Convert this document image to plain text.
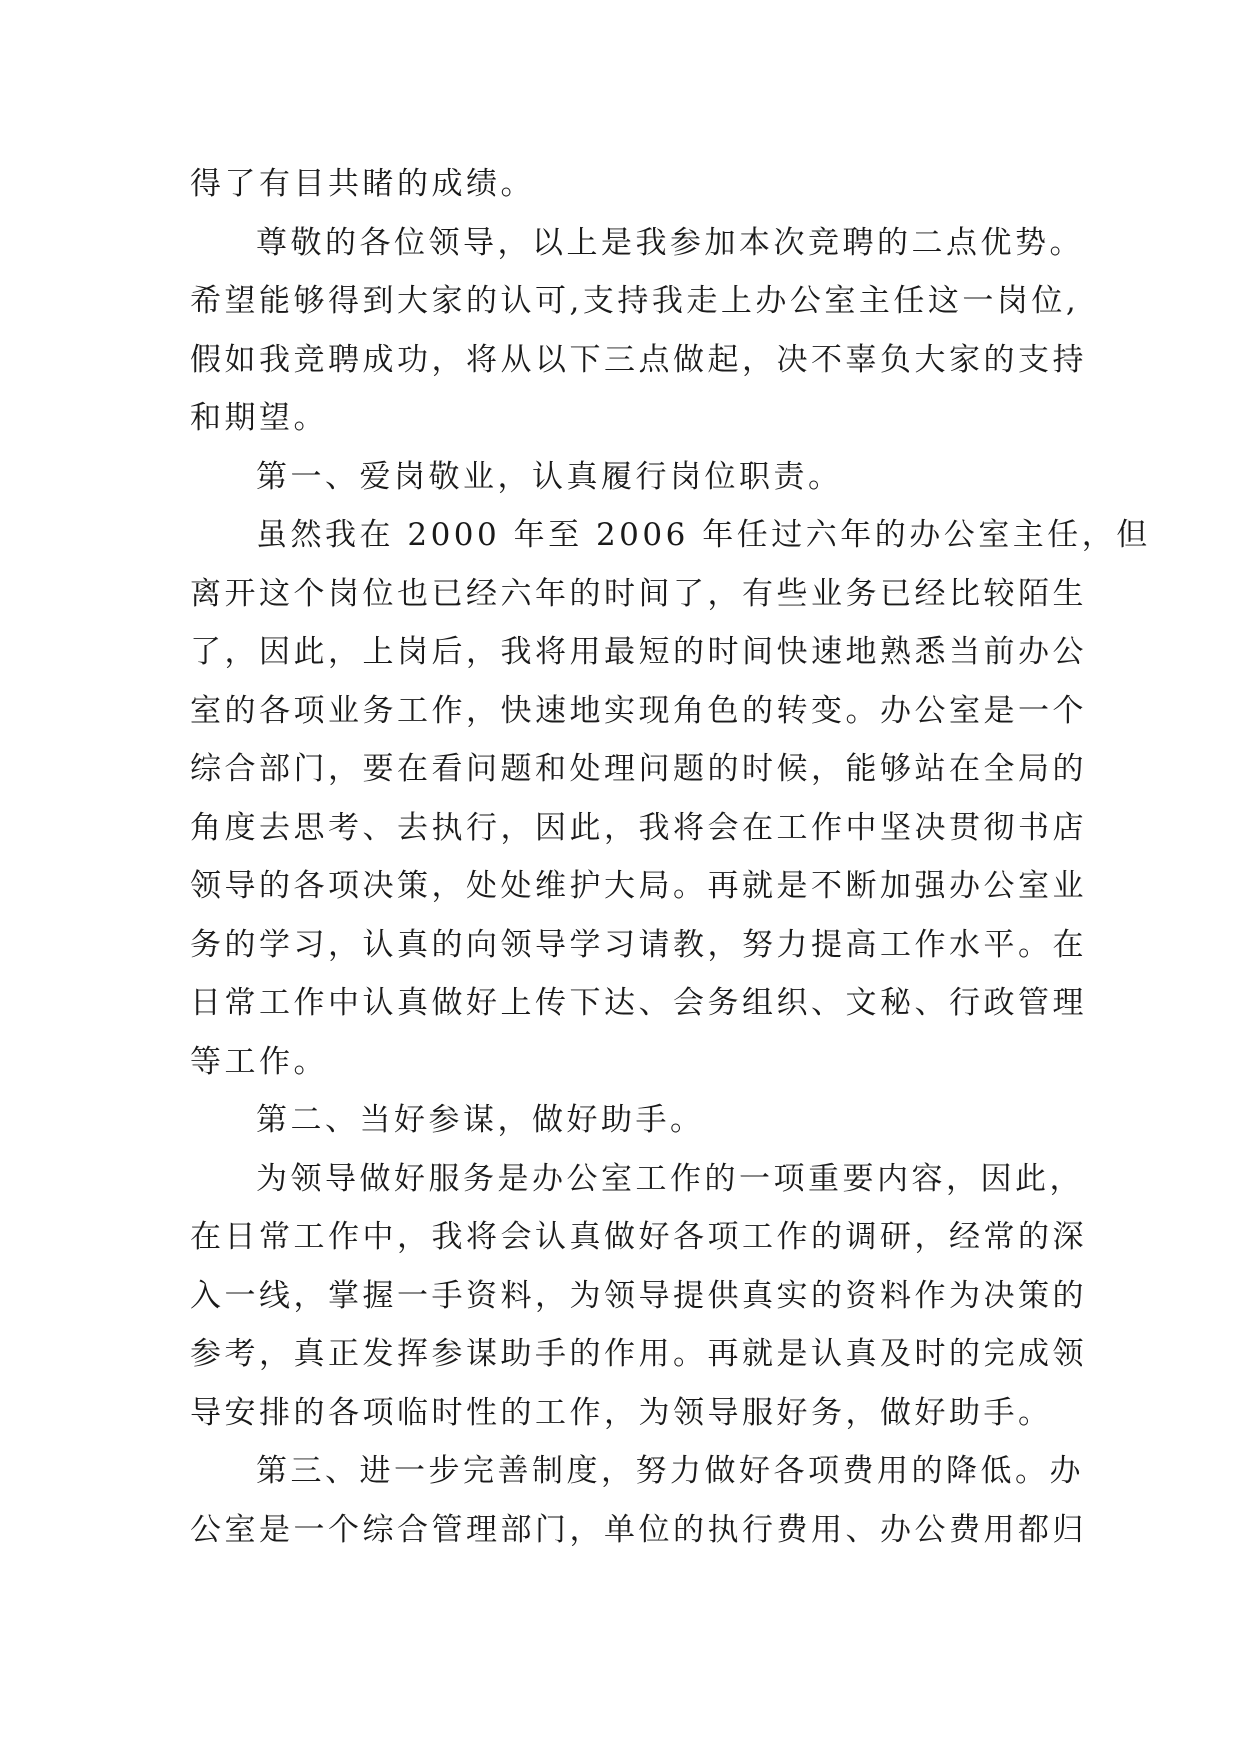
得了有目共睹的成绩。

尊敬的各位领导，以上是我参加本次竞聘的二点优势。

希望能够得到大家的认可,支持我走上办公室主任这一岗位,

假如我竞聘成功，将从以下三点做起，决不辜负大家的支持

和期望。

第一、爱岗敬业，认真履行岗位职责。

虽然我在 2000 年至 2006 年任过六年的办公室主任，但

离开这个岗位也已经六年的时间了，有些业务已经比较陌生

了，因此，上岗后，我将用最短的时间快速地熟悉当前办公

室的各项业务工作，快速地实现角色的转变。办公室是一个

综合部门，要在看问题和处理问题的时候，能够站在全局的

角度去思考、去执行，因此，我将会在工作中坚决贯彻书店

领导的各项决策，处处维护大局。再就是不断加强办公室业

务的学习，认真的向领导学习请教，努力提高工作水平。在

日常工作中认真做好上传下达、会务组织、文秘、行政管理

等工作。

第二、当好参谋，做好助手。

为领导做好服务是办公室工作的一项重要内容，因此，

在日常工作中，我将会认真做好各项工作的调研，经常的深

入一线，掌握一手资料，为领导提供真实的资料作为决策的

参考，真正发挥参谋助手的作用。再就是认真及时的完成领

导安排的各项临时性的工作，为领导服好务，做好助手。

第三、进一步完善制度，努力做好各项费用的降低。办

公室是一个综合管理部门，单位的执行费用、办公费用都归
